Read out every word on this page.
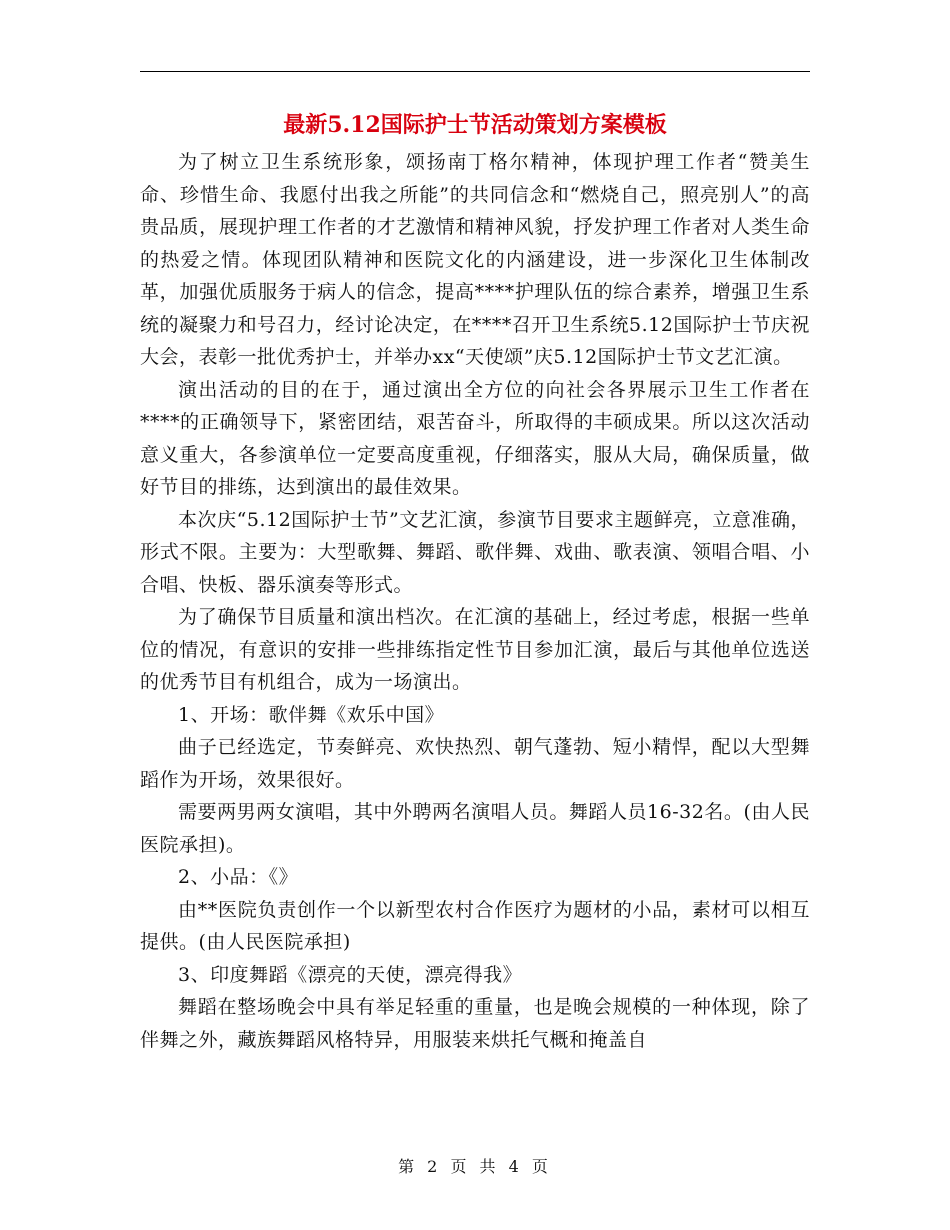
最新5.12国际护士节活动策划方案模板

为了树立卫生系统形象，颂扬南丁格尔精神，体现护理工作者“赞美生命、珍惜生命、我愿付出我之所能”的共同信念和“燃烧自己，照亮别人”的高贵品质，展现护理工作者的才艺激情和精神风貌，抒发护理工作者对人类生命的热爱之情。体现团队精神和医院文化的内涵建设，进一步深化卫生体制改革，加强优质服务于病人的信念，提高****护理队伍的综合素养，增强卫生系统的凝聚力和号召力，经讨论决定，在****召开卫生系统5.12国际护士节庆祝大会，表彰一批优秀护士，并举办xx“天使颂”庆5.12国际护士节文艺汇演。

演出活动的目的在于，通过演出全方位的向社会各界展示卫生工作者在****的正确领导下，紧密团结，艰苦奋斗，所取得的丰硕成果。所以这次活动意义重大，各参演单位一定要高度重视，仔细落实，服从大局，确保质量，做好节目的排练，达到演出的最佳效果。

本次庆“5.12国际护士节”文艺汇演，参演节目要求主题鲜亮，立意准确，形式不限。主要为：大型歌舞、舞蹈、歌伴舞、戏曲、歌表演、领唱合唱、小合唱、快板、器乐演奏等形式。

为了确保节目质量和演出档次。在汇演的基础上，经过考虑，根据一些单位的情况，有意识的安排一些排练指定性节目参加汇演，最后与其他单位选送的优秀节目有机组合，成为一场演出。

1、开场：歌伴舞《欢乐中国》

曲子已经选定，节奏鲜亮、欢快热烈、朝气蓬勃、短小精悍，配以大型舞蹈作为开场，效果很好。

需要两男两女演唱，其中外聘两名演唱人员。舞蹈人员16-32名。(由人民医院承担)。

2、小品：《》

由**医院负责创作一个以新型农村合作医疗为题材的小品，素材可以相互提供。(由人民医院承担)

3、印度舞蹈《漂亮的天使，漂亮得我》

舞蹈在整场晚会中具有举足轻重的重量，也是晚会规模的一种体现，除了伴舞之外，藏族舞蹈风格特异，用服装来烘托气概和掩盖自

第 2 页 共 4 页
